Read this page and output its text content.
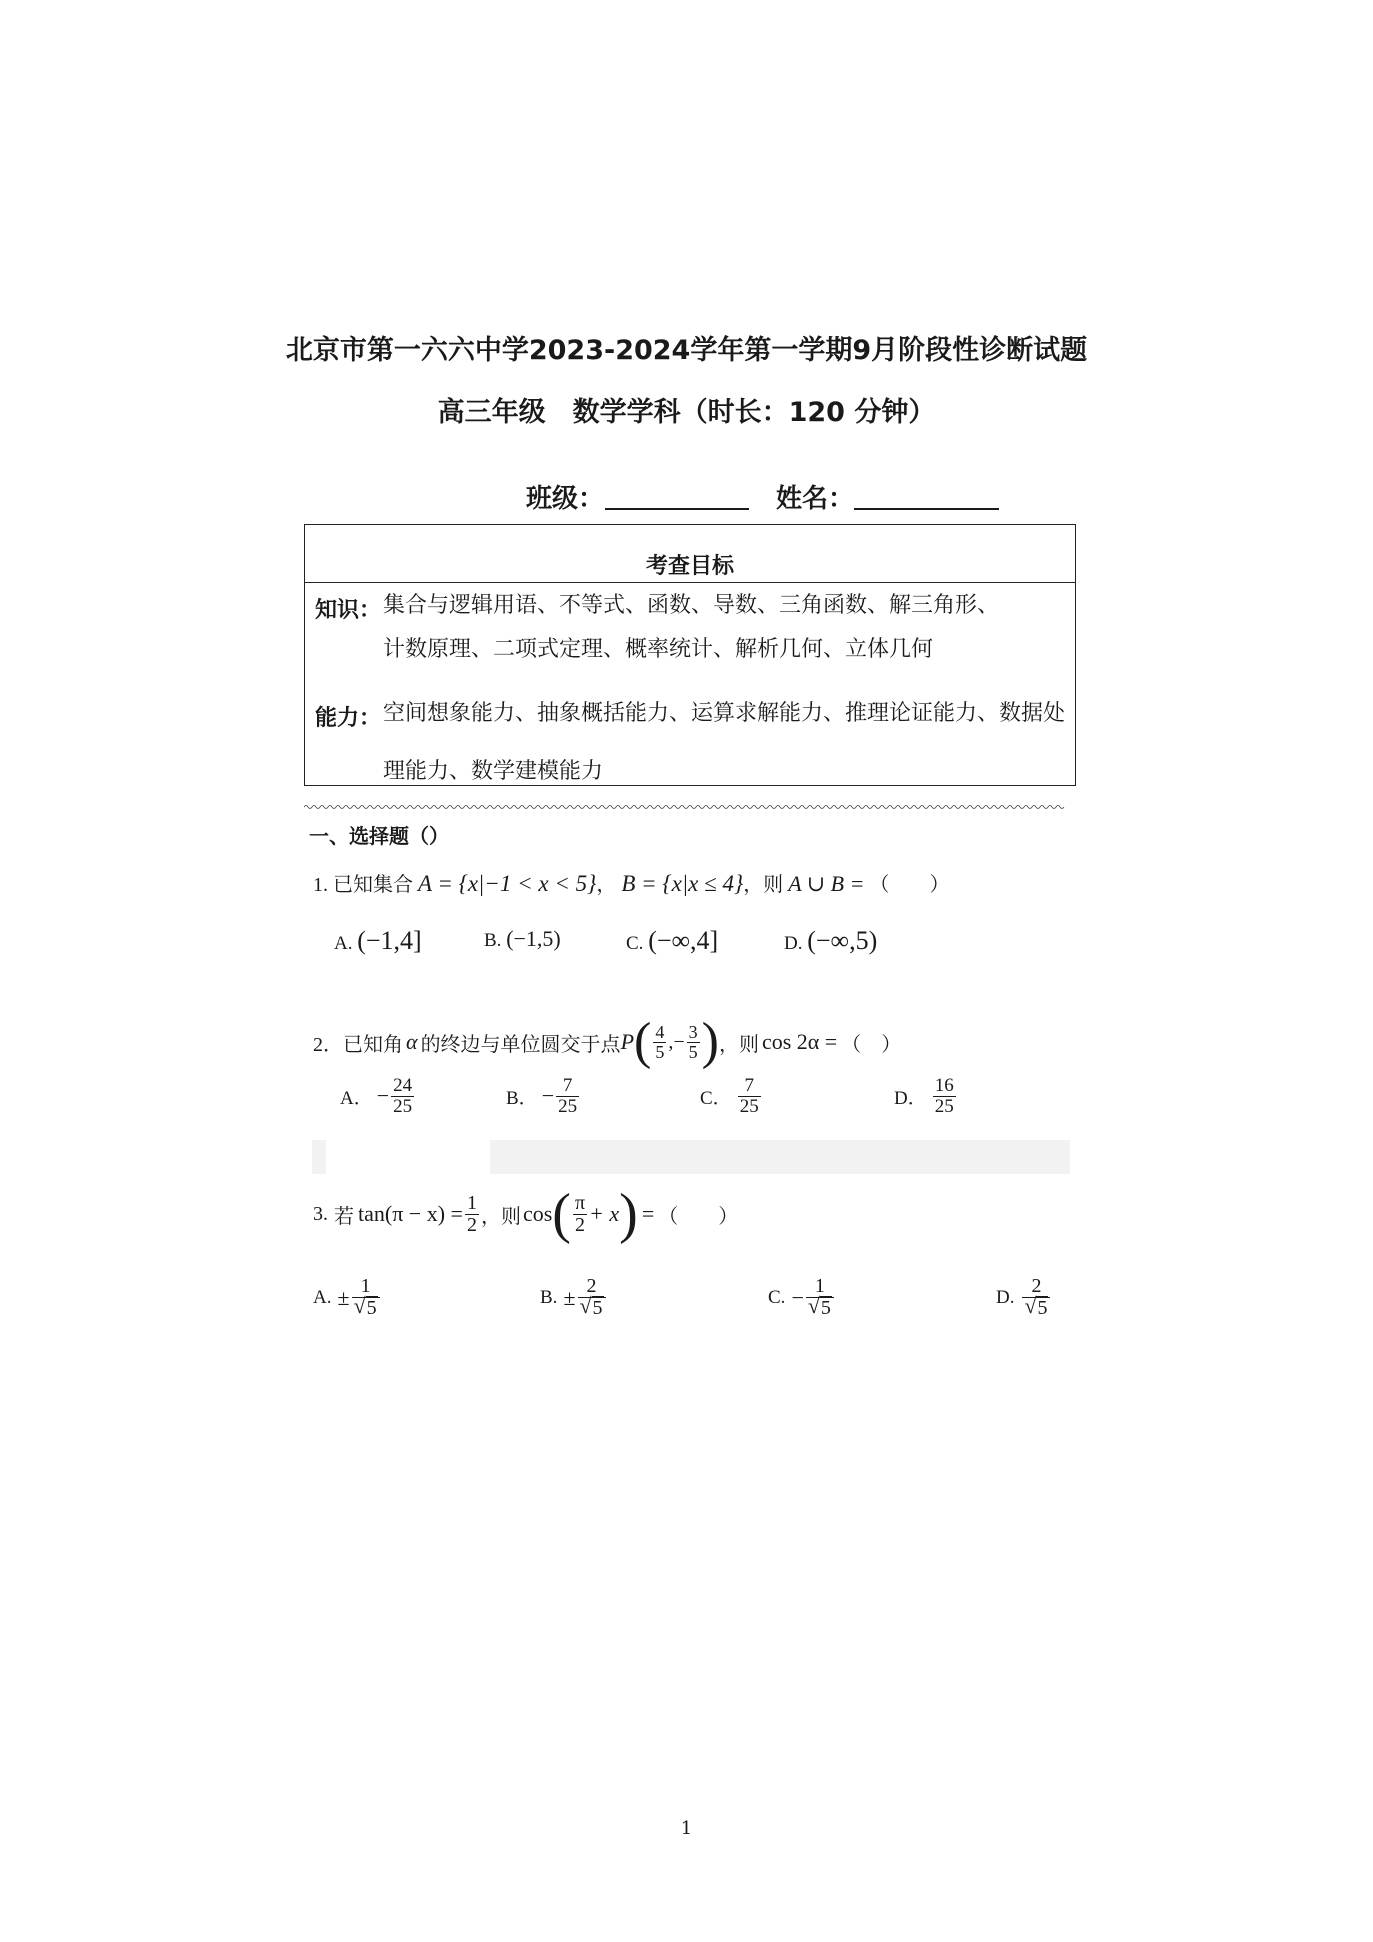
北京市第一六六中学2023-2024学年第一学期9月阶段性诊断试题
高三年级　数学学科（时长：120 分钟）
班级：	姓名：
考查目标
知识： 集合与逻辑用语、不等式、函数、导数、三角函数、解三角形、
计数原理、二项式定理、概率统计、解析几何、立体几何
能力： 空间想象能力、抽象概括能力、运算求解能力、推理论证能力、数据处
理能力、数学建模能力
一、选择题（）
1. 已知集合 A = {x|−1 < x < 5}， B = {x|x ≤ 4}，则 A ∪ B = （　　）
A. (−1,4]	B. (−1,5)	C. (−∞,4]	D. (−∞,5)
2． 已知角 α 的终边与单位圆交于点 P ( $\frac{4}{5}$ , − $\frac{3}{5}$ ) ，则 cos 2α = （　）
A． − $\frac{24}{25}$	B． − $\frac{7}{25}$	C． $\frac{7}{25}$	D． $\frac{16}{25}$
3. 若 $\tan(\pi - x) = \frac{1}{2}$ ，则 cos ( $\frac{\pi}{2} + x$ ) = （　　）
A. ± $\frac{1}{√ 5}$	B. ± $\frac{2}{√ 5}$	C. − $\frac{1}{√ 5}$	D. $\frac{2}{√ 5}$
1
